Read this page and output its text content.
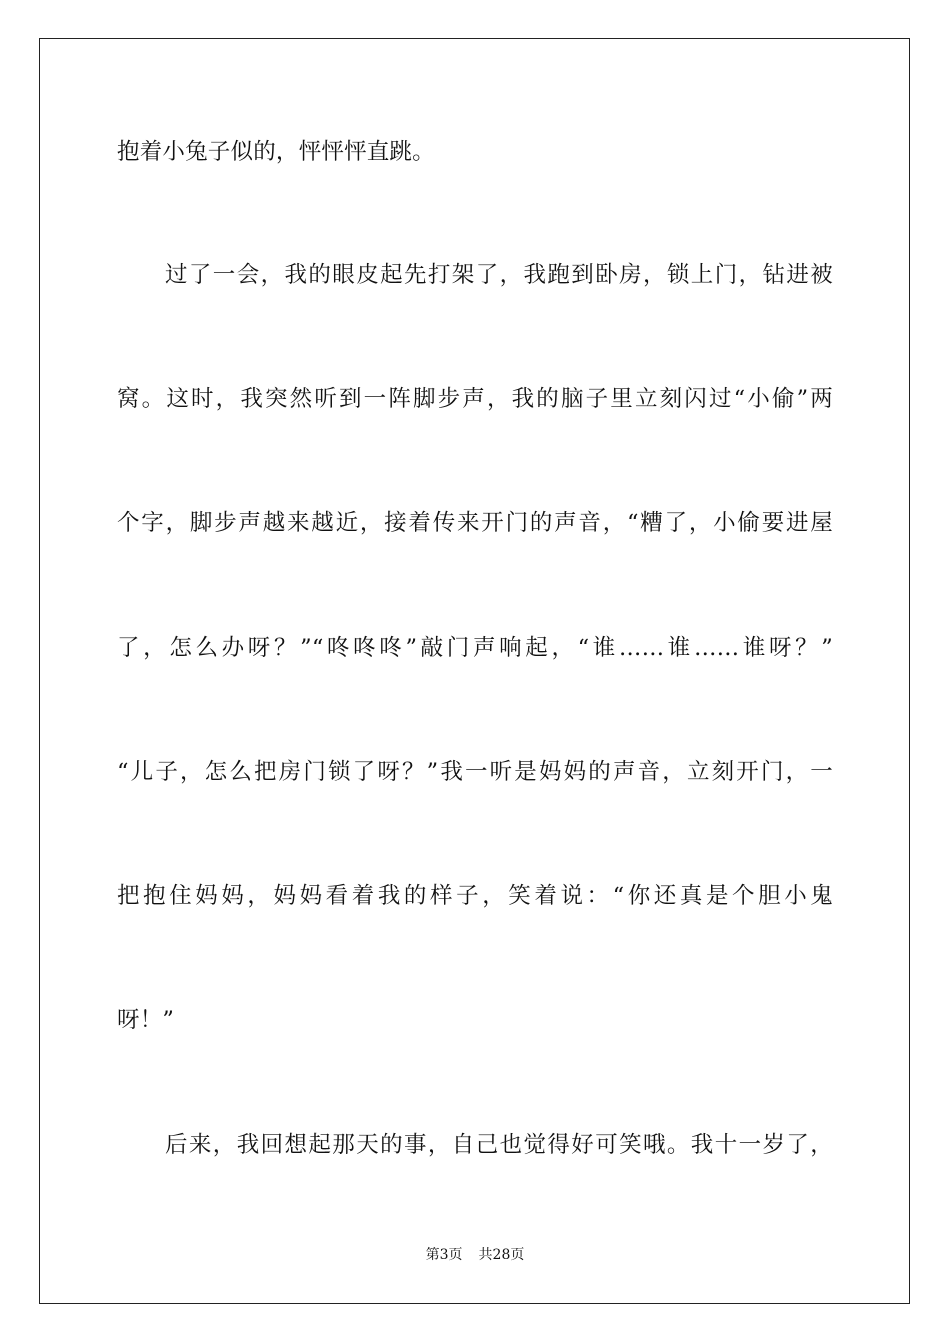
抱着小兔子似的，怦怦怦直跳。
过了一会，我的眼皮起先打架了，我跑到卧房，锁上门，钻进被
窝。这时，我突然听到一阵脚步声，我的脑子里立刻闪过“小偷”两
个字，脚步声越来越近，接着传来开门的声音，“糟了，小偷要进屋
了，怎么办呀？”“咚咚咚”敲门声响起，“谁……谁……谁呀？”
“儿子，怎么把房门锁了呀？”我一听是妈妈的声音，立刻开门，一
把抱住妈妈，妈妈看着我的样子，笑着说：“你还真是个胆小鬼
呀！”
后来，我回想起那天的事，自己也觉得好可笑哦。我十一岁了，
第3页 共28页
